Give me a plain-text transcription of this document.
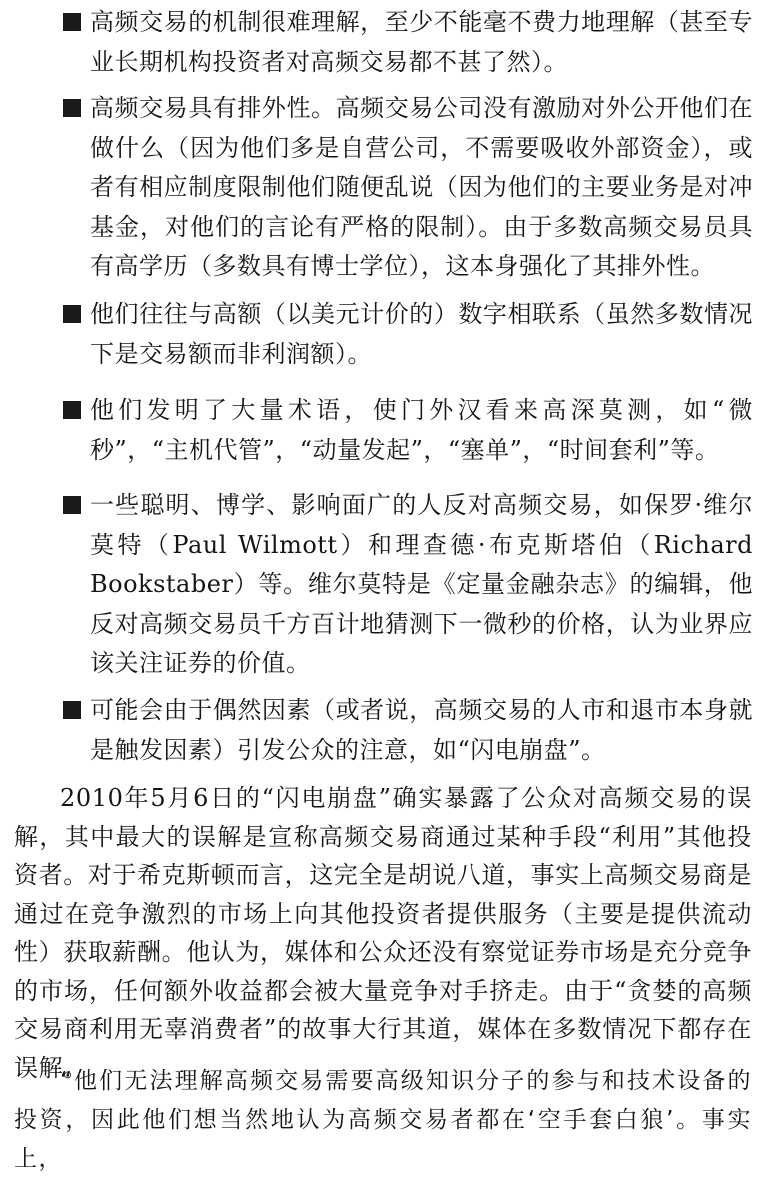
高频交易的机制很难理解，至少不能毫不费力地理解（甚至专业长期机构投资者对高频交易都不甚了然）。
高频交易具有排外性。高频交易公司没有激励对外公开他们在做什么（因为他们多是自营公司，不需要吸收外部资金），或者有相应制度限制他们随便乱说（因为他们的主要业务是对冲基金，对他们的言论有严格的限制）。由于多数高频交易员具有高学历（多数具有博士学位），这本身强化了其排外性。
他们往往与高额（以美元计价的）数字相联系（虽然多数情况下是交易额而非利润额）。
他们发明了大量术语，使门外汉看来高深莫测，如“微秒”，“主机代管”，“动量发起”，“塞单”，“时间套利”等。
一些聪明、博学、影响面广的人反对高频交易，如保罗·维尔莫特（Paul Wilmott）和理查德·布克斯塔伯（Richard Bookstaber）等。维尔莫特是《定量金融杂志》的编辑，他反对高频交易员千方百计地猜测下一微秒的价格，认为业界应该关注证券的价值。
可能会由于偶然因素（或者说，高频交易的人市和退市本身就是触发因素）引发公众的注意，如“闪电崩盘”。
2010年5月6日的“闪电崩盘”确实暴露了公众对高频交易的误解，其中最大的误解是宣称高频交易商通过某种手段“利用”其他投资者。对于希克斯顿而言，这完全是胡说八道，事实上高频交易商是通过在竞争激烈的市场上向其他投资者提供服务（主要是提供流动性）获取薪酬。他认为，媒体和公众还没有察觉证券市场是充分竞争的市场，任何额外收益都会被大量竞争对手挤走。由于“贪婪的高频交易商利用无辜消费者”的故事大行其道，媒体在多数情况下都存在误解。
“他们无法理解高频交易需要高级知识分子的参与和技术设备的投资，因此他们想当然地认为高频交易者都在‘空手套白狼’。事实上，
